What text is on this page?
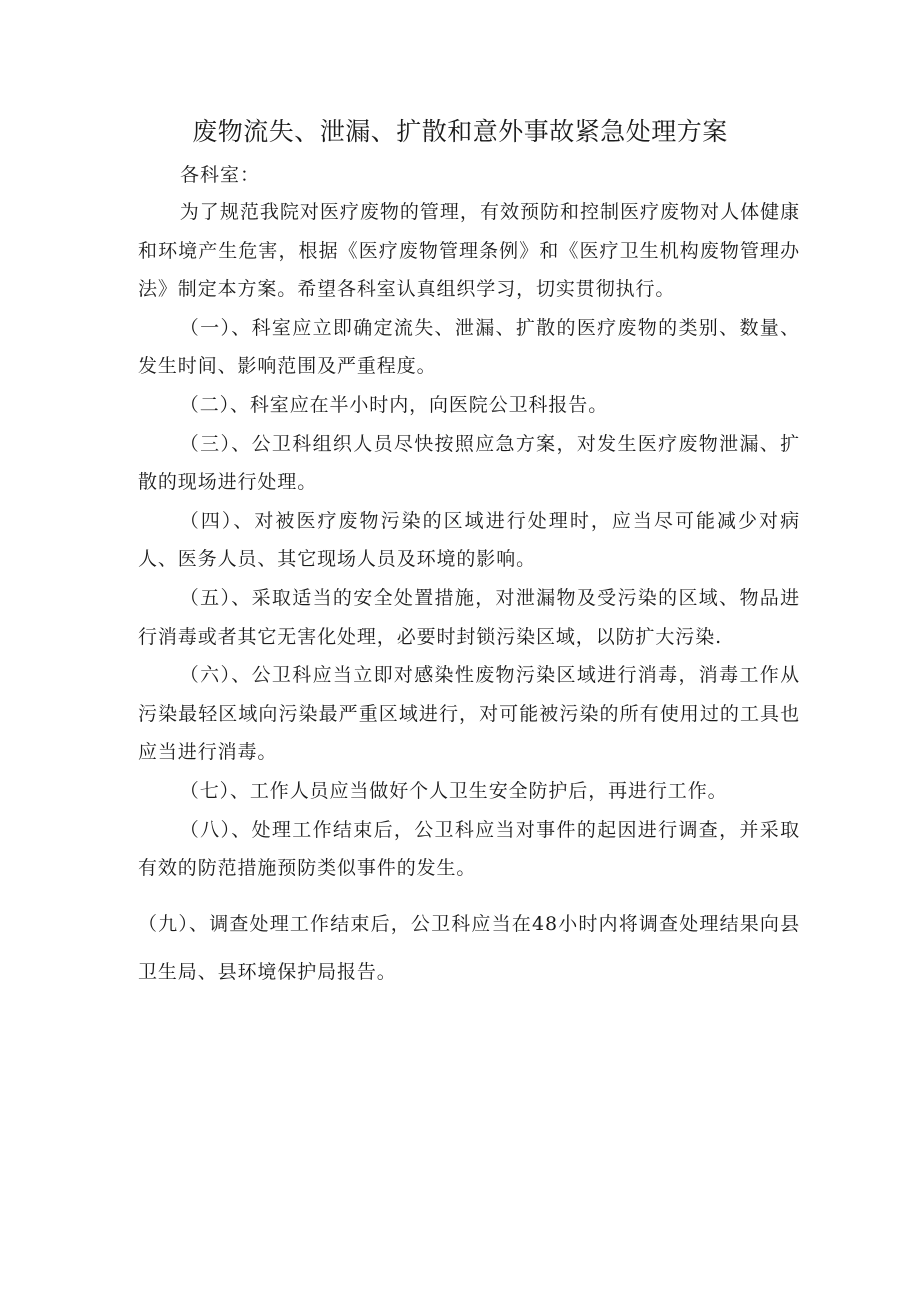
废物流失、泄漏、扩散和意外事故紧急处理方案
各科室：

为了规范我院对医疗废物的管理，有效预防和控制医疗废物对人体健康和环境产生危害，根据《医疗废物管理条例》和《医疗卫生机构废物管理办法》制定本方案。希望各科室认真组织学习，切实贯彻执行。

（一）、科室应立即确定流失、泄漏、扩散的医疗废物的类别、数量、发生时间、影响范围及严重程度。

（二）、科室应在半小时内，向医院公卫科报告。

（三）、公卫科组织人员尽快按照应急方案，对发生医疗废物泄漏、扩散的现场进行处理。

（四）、对被医疗废物污染的区域进行处理时，应当尽可能减少对病人、医务人员、其它现场人员及环境的影响。

（五）、采取适当的安全处置措施，对泄漏物及受污染的区域、物品进行消毒或者其它无害化处理，必要时封锁污染区域，以防扩大污染.

（六）、公卫科应当立即对感染性废物污染区域进行消毒，消毒工作从污染最轻区域向污染最严重区域进行，对可能被污染的所有使用过的工具也应当进行消毒。

（七）、工作人员应当做好个人卫生安全防护后，再进行工作。

（八）、处理工作结束后，公卫科应当对事件的起因进行调查，并采取有效的防范措施预防类似事件的发生。

（九）、调查处理工作结束后，公卫科应当在48小时内将调查处理结果向县卫生局、县环境保护局报告。
